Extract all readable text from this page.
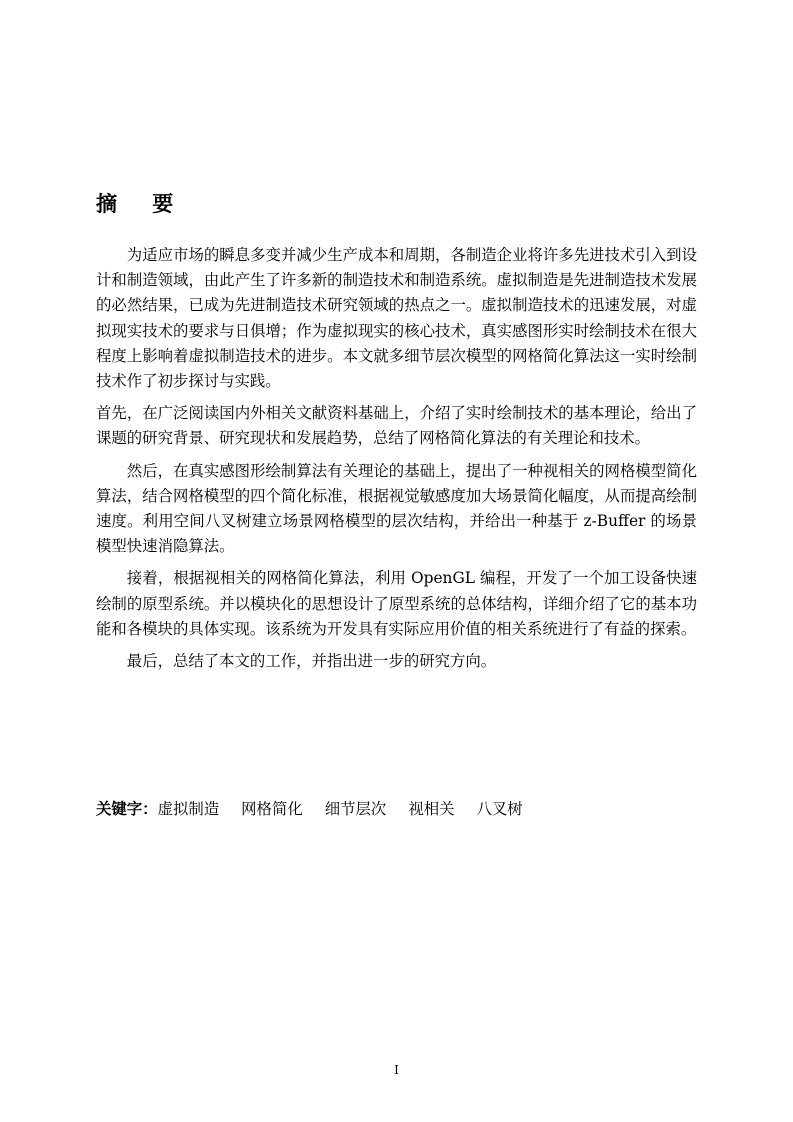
摘 要

为适应市场的瞬息多变并减少生产成本和周期，各制造企业将许多先进技术引入到设计和制造领域，由此产生了许多新的制造技术和制造系统。虚拟制造是先进制造技术发展的必然结果，已成为先进制造技术研究领域的热点之一。虚拟制造技术的迅速发展，对虚拟现实技术的要求与日俱增；作为虚拟现实的核心技术，真实感图形实时绘制技术在很大程度上影响着虚拟制造技术的进步。本文就多细节层次模型的网格简化算法这一实时绘制技术作了初步探讨与实践。

首先，在广泛阅读国内外相关文献资料基础上，介绍了实时绘制技术的基本理论，给出了课题的研究背景、研究现状和发展趋势，总结了网格简化算法的有关理论和技术。

然后，在真实感图形绘制算法有关理论的基础上，提出了一种视相关的网格模型简化算法，结合网格模型的四个简化标准，根据视觉敏感度加大场景简化幅度，从而提高绘制速度。利用空间八叉树建立场景网格模型的层次结构，并给出一种基于 z-Buffer 的场景模型快速消隐算法。

接着，根据视相关的网格简化算法，利用 OpenGL 编程，开发了一个加工设备快速绘制的原型系统。并以模块化的思想设计了原型系统的总体结构，详细介绍了它的基本功能和各模块的具体实现。该系统为开发具有实际应用价值的相关系统进行了有益的探索。

最后，总结了本文的工作，并指出进一步的研究方向。

关键字：虚拟制造 网格简化 细节层次 视相关 八叉树
I
